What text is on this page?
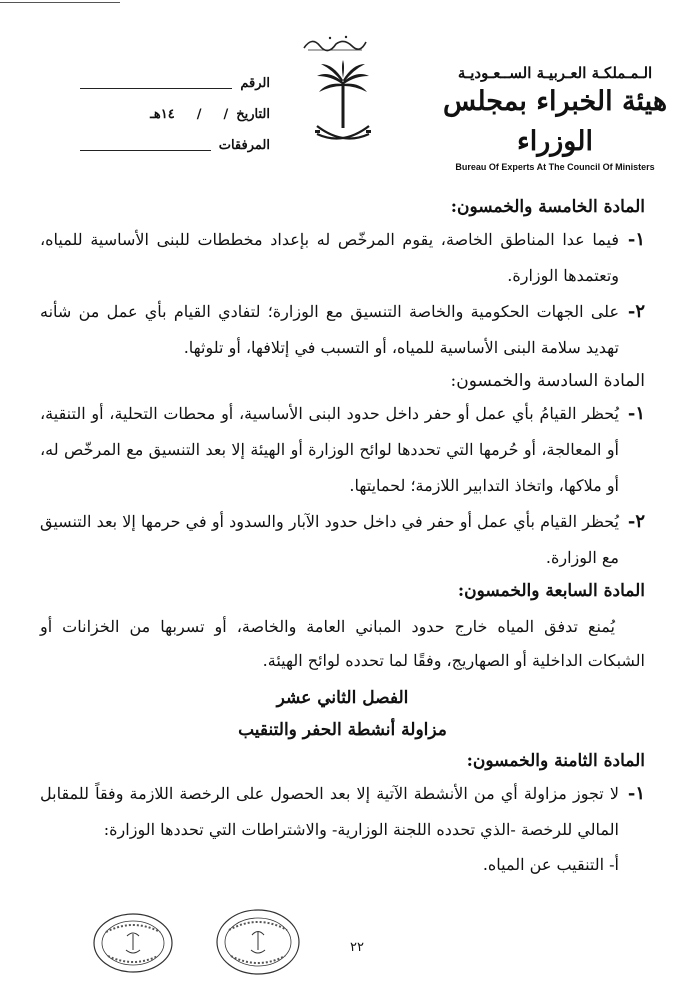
الرقم
التاريخ
/
/
١٤هـ
المرفقات
الـمـملكـة العـربيـة الســعـوديـة
هيئة الخبراء بمجلس الوزراء
Bureau Of Experts At The Council Of Ministers

المادة الخامسة والخمسون:

١-
فيما عدا المناطق الخاصة، يقوم المرخّص له بإعداد مخططات للبنى الأساسية للمياه، وتعتمدها الوزارة.
٢-
على الجهات الحكومية والخاصة التنسيق مع الوزارة؛ لتفادي القيام بأي عمل من شأنه تهديد سلامة البنى الأساسية للمياه، أو التسبب في إتلافها، أو تلوثها.

المادة السادسة والخمسون:

١-
يُحظر القيامُ بأي عمل أو حفر داخل حدود البنى الأساسية، أو محطات التحلية، أو التنقية، أو المعالجة، أو حُرمها التي تحددها لوائح الوزارة أو الهيئة إلا بعد التنسيق مع المرخّص له، أو ملاكها، واتخاذ التدابير اللازمة؛ لحمايتها.
٢-
يُحظر القيام بأي عمل أو حفر في داخل حدود الآبار والسدود أو في حرمها إلا بعد التنسيق مع الوزارة.

المادة السابعة والخمسون:

يُمنع تدفق المياه خارج حدود المباني العامة والخاصة، أو تسربها من الخزانات أو الشبكات الداخلية أو الصهاريج، وفقًا لما تحدده لوائح الهيئة.

الفصل الثاني عشر

مزاولة أنشطة الحفر والتنقيب

المادة الثامنة والخمسون:

١-
لا تجوز مزاولة أي من الأنشطة الآتية إلا بعد الحصول على الرخصة اللازمة وفقاً للمقابل المالي للرخصة -الذي تحدده اللجنة الوزارية- والاشتراطات التي تحددها الوزارة:

أ- التنقيب عن المياه.

٢٢
